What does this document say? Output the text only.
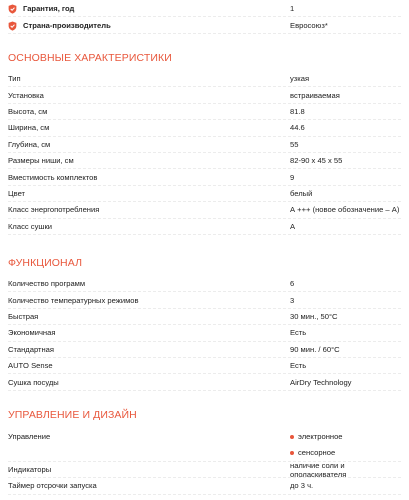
Гарантия, год	1
Страна-производитель	Евросоюз*
ОСНОВНЫЕ ХАРАКТЕРИСТИКИ
Тип	узкая
Установка	встраиваемая
Высота, см	81.8
Ширина, см	44.6
Глубина, см	55
Размеры ниши, см	82-90 х 45 х 55
Вместимость комплектов	9
Цвет	белый
Класс энергопотребления	А +++ (новое обозначение – A)
Класс сушки	A
ФУНКЦИОНАЛ
Количество программ	6
Количество температурных режимов	3
Быстрая	30 мин., 50°C
Экономичная	Есть
Стандартная	90 мин. / 60°C
AUTO Sense	Есть
Сушка посуды	AirDry Technology
УПРАВЛЕНИЕ И ДИЗАЙН
Управление	электронное
сенсорное
Индикаторы	наличие соли и ополаскивателя
Таймер отсрочки запуска	до 3 ч.
